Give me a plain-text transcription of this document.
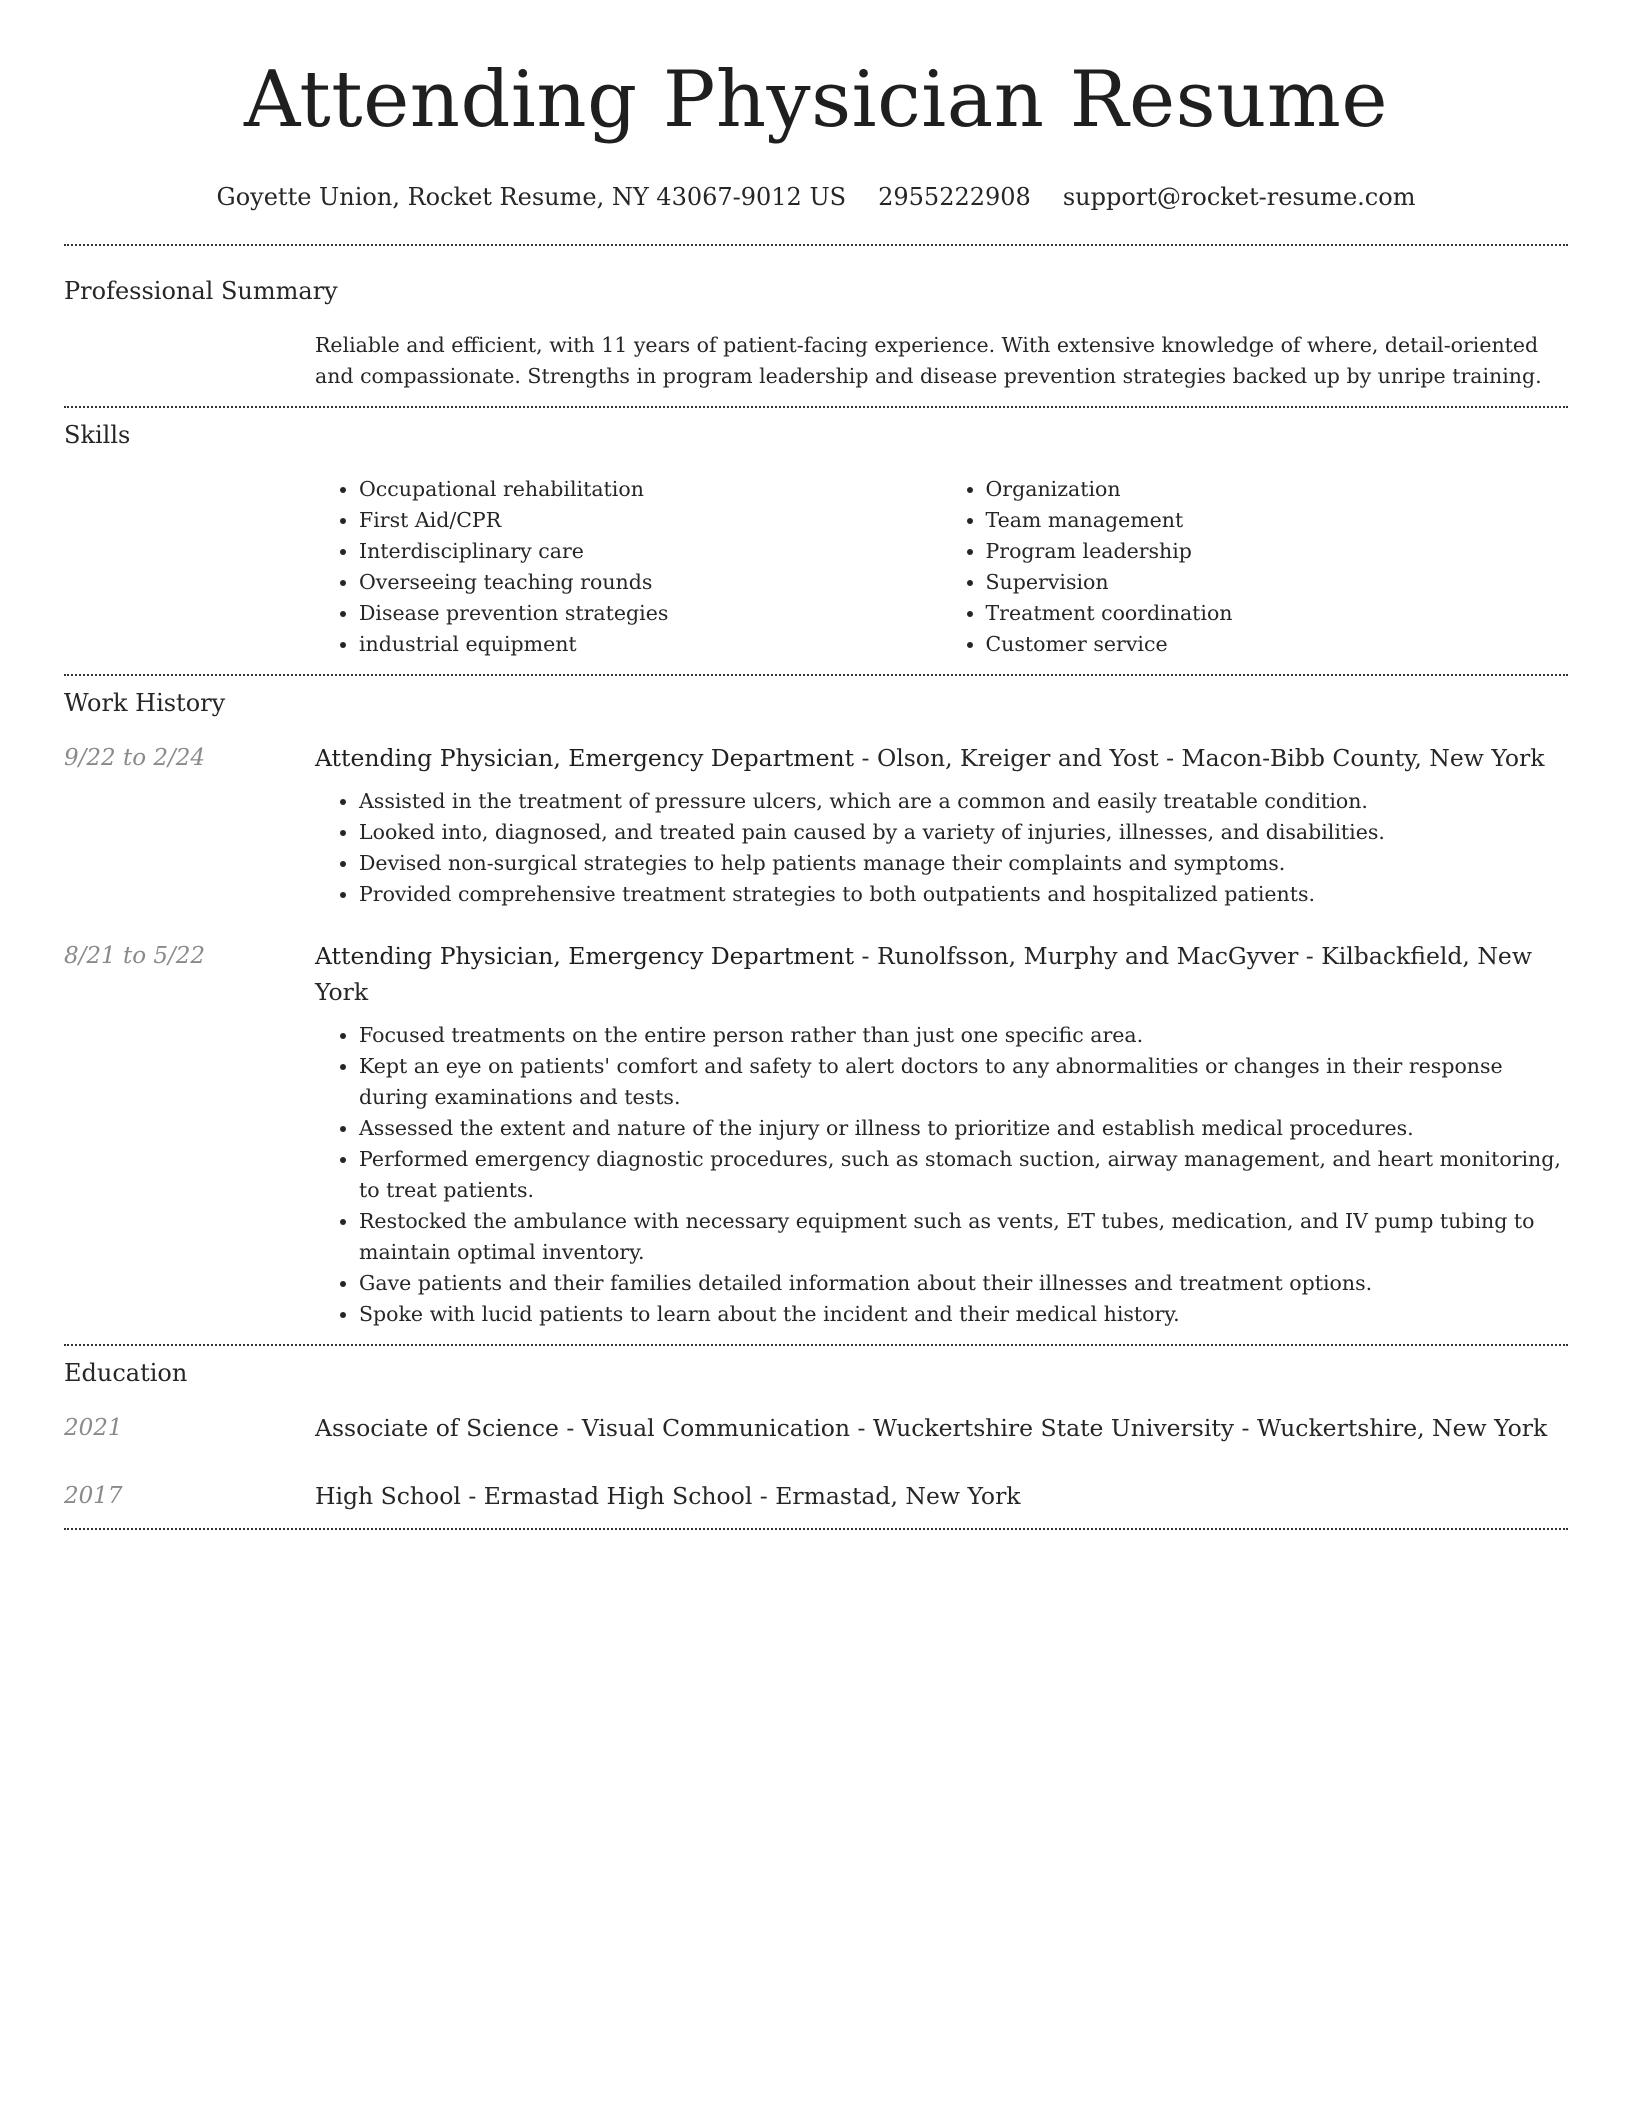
Attending Physician Resume
Goyette Union, Rocket Resume, NY 43067-9012 US 2955222908 support@rocket-resume.com
Professional Summary

Reliable and efficient, with 11 years of patient-facing experience. With extensive knowledge of where, detail-oriented and compassionate. Strengths in program leadership and disease prevention strategies backed up by unripe training.

Skills
• Occupational rehabilitation
• First Aid/CPR
• Interdisciplinary care
• Overseeing teaching rounds
• Disease prevention strategies
• industrial equipment
• Organization
• Team management
• Program leadership
• Supervision
• Treatment coordination
• Customer service
Work History
9/22 to 2/24	Attending Physician, Emergency Department - Olson, Kreiger and Yost - Macon-Bibb County, New York

• Assisted in the treatment of pressure ulcers, which are a common and easily treatable condition.
• Looked into, diagnosed, and treated pain caused by a variety of injuries, illnesses, and disabilities.
• Devised non-surgical strategies to help patients manage their complaints and symptoms.
• Provided comprehensive treatment strategies to both outpatients and hospitalized patients.
8/21 to 5/22	Attending Physician, Emergency Department - Runolfsson, Murphy and MacGyver - Kilbackfield, New York

• Focused treatments on the entire person rather than just one specific area.
• Kept an eye on patients' comfort and safety to alert doctors to any abnormalities or changes in their response during examinations and tests.
• Assessed the extent and nature of the injury or illness to prioritize and establish medical procedures.
• Performed emergency diagnostic procedures, such as stomach suction, airway management, and heart monitoring, to treat patients.
• Restocked the ambulance with necessary equipment such as vents, ET tubes, medication, and IV pump tubing to maintain optimal inventory.
• Gave patients and their families detailed information about their illnesses and treatment options.
• Spoke with lucid patients to learn about the incident and their medical history.
Education
2021	Associate of Science - Visual Communication - Wuckertshire State University - Wuckertshire, New York
2017	High School - Ermastad High School - Ermastad, New York
